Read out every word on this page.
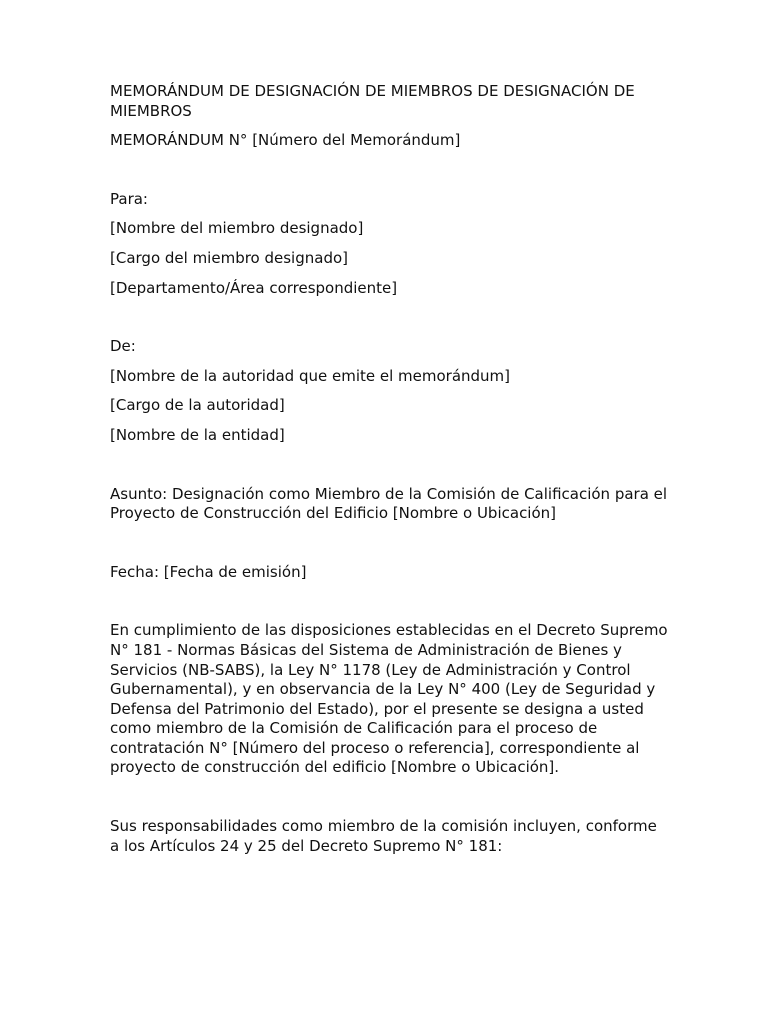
MEMORÁNDUM DE DESIGNACIÓN DE MIEMBROS DE DESIGNACIÓN DE MIEMBROS

MEMORÁNDUM N° [Número del Memorándum]

Para:

[Nombre del miembro designado]

[Cargo del miembro designado]

[Departamento/Área correspondiente]

De:

[Nombre de la autoridad que emite el memorándum]

[Cargo de la autoridad]

[Nombre de la entidad]

Asunto: Designación como Miembro de la Comisión de Calificación para el Proyecto de Construcción del Edificio [Nombre o Ubicación]

Fecha: [Fecha de emisión]

En cumplimiento de las disposiciones establecidas en el Decreto Supremo N° 181 - Normas Básicas del Sistema de Administración de Bienes y Servicios (NB-SABS), la Ley N° 1178 (Ley de Administración y Control Gubernamental), y en observancia de la Ley N° 400 (Ley de Seguridad y Defensa del Patrimonio del Estado), por el presente se designa a usted como miembro de la Comisión de Calificación para el proceso de contratación N° [Número del proceso o referencia], correspondiente al proyecto de construcción del edificio [Nombre o Ubicación].

Sus responsabilidades como miembro de la comisión incluyen, conforme a los Artículos 24 y 25 del Decreto Supremo N° 181:
